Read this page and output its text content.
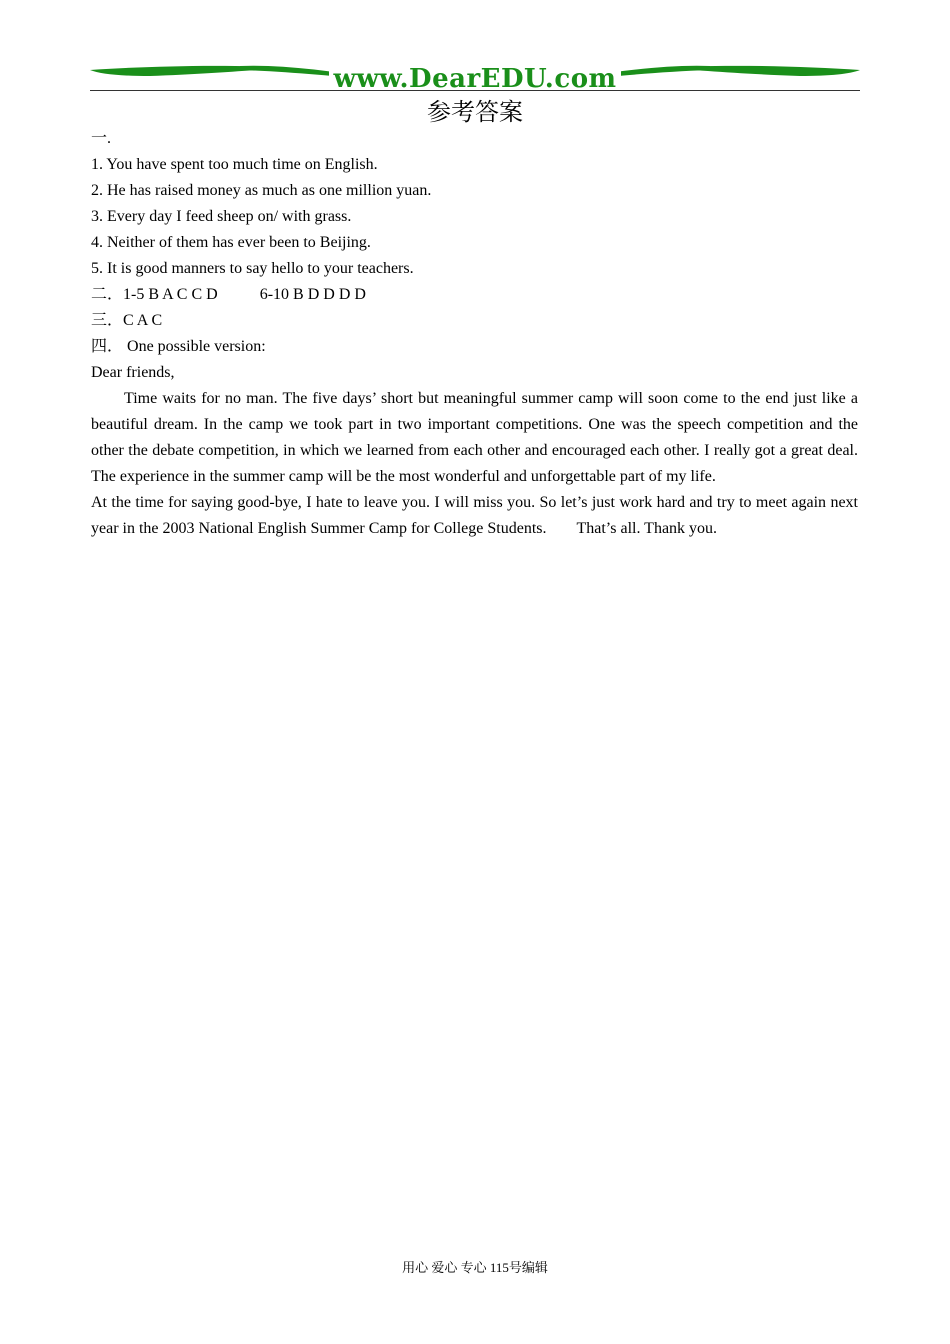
www.DearEDU.com
参考答案

一.

1. You have spent too much time on English.

2. He has raised money as much as one million yuan.

3. Every day I feed sheep on/ with grass.

4. Neither of them has ever been to Beijing.

5. It is good manners to say hello to your teachers.

二．1-5 B A C C D	6-10 B D D D D

三．C A C

四． One possible version:

Dear friends,

Time waits for no man. The five days’ short but meaningful summer camp will soon come to the end just like a beautiful dream. In the camp we took part in two important competitions. One was the speech competition and the other the debate competition, in which we learned from each other and encouraged each other. I really got a great deal. The experience in the summer camp will be the most wonderful and unforgettable part of my life.

At the time for saying good-bye, I hate to leave you. I will miss you. So let’s just work hard and try to meet again next year in the 2003 National English Summer Camp for College Students. That’s all. Thank you.

用心 爱心 专心 115号编辑
